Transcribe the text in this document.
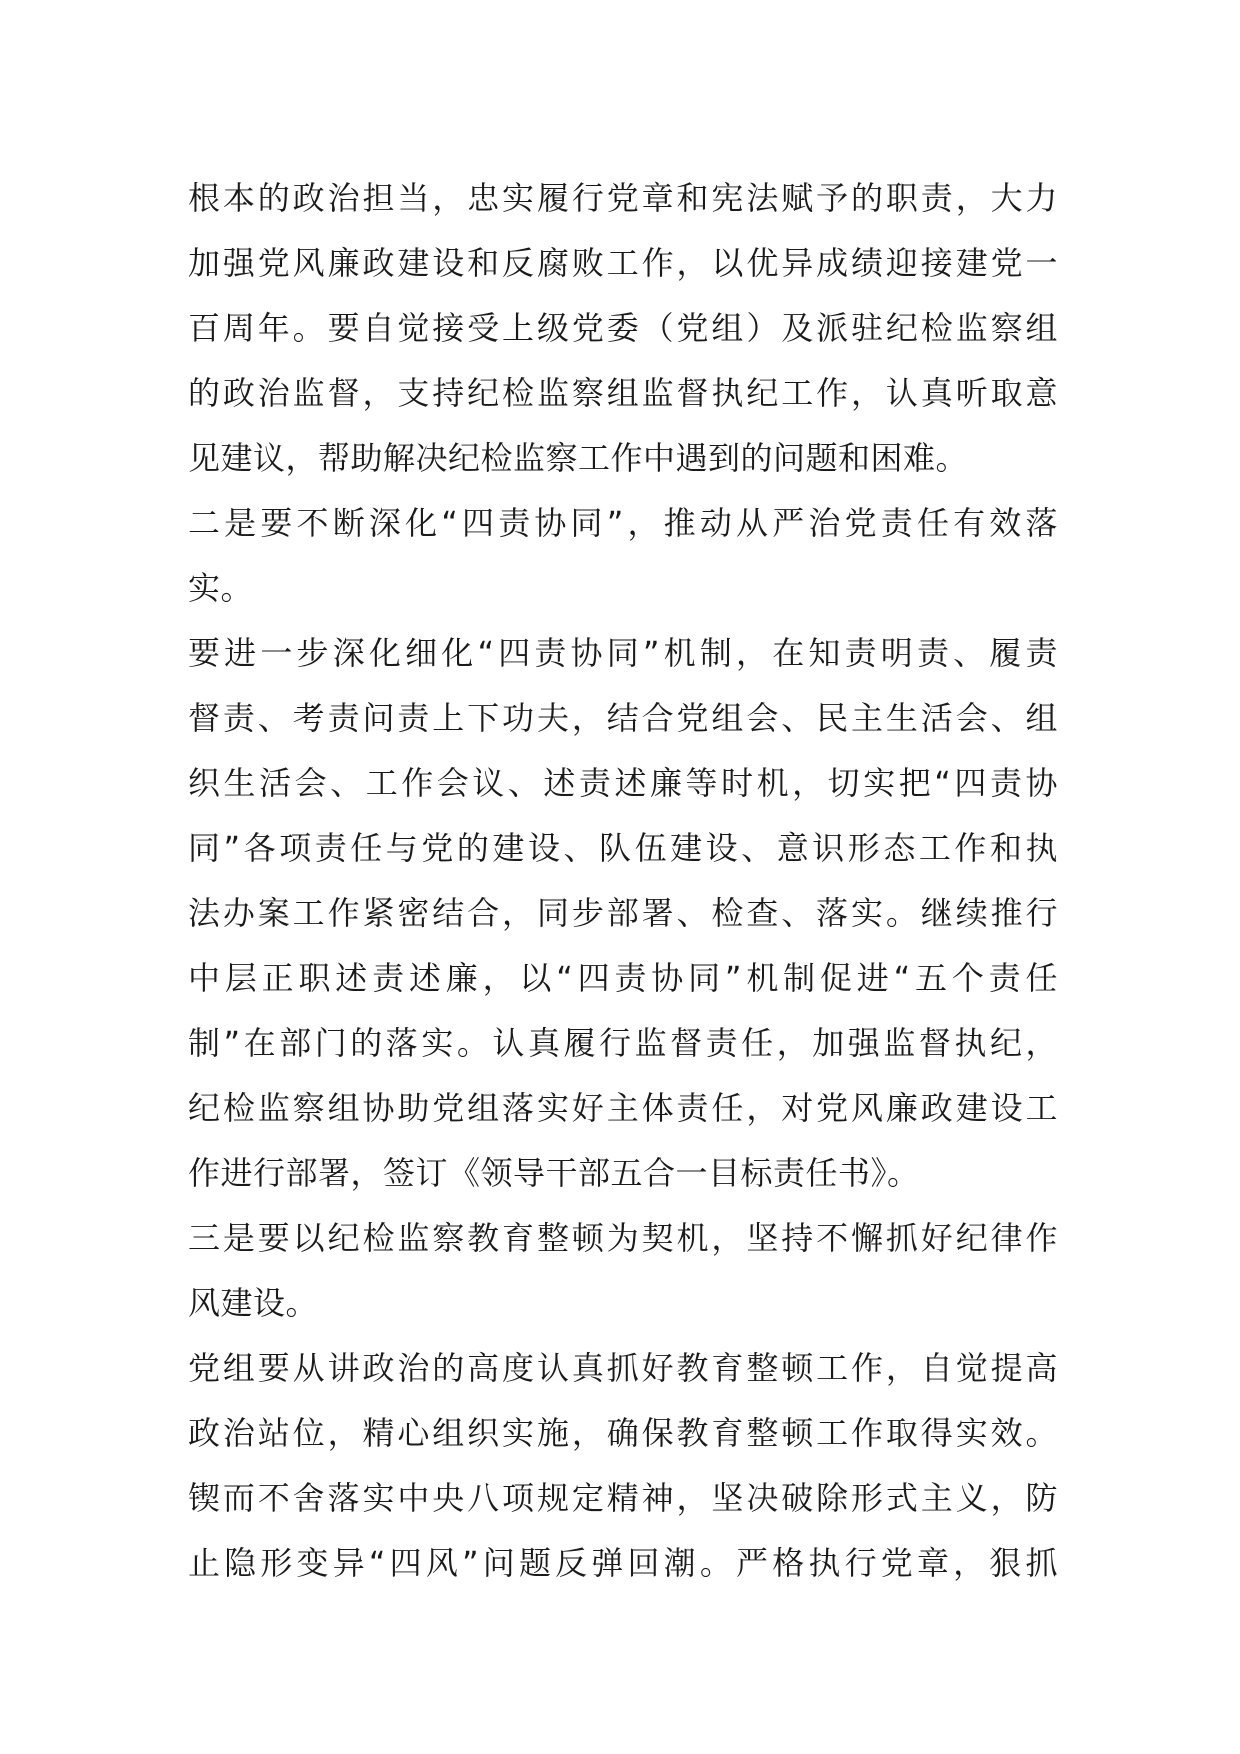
根本的政治担当，忠实履行党章和宪法赋予的职责，大力
加强党风廉政建设和反腐败工作，以优异成绩迎接建党一
百周年。要自觉接受上级党委（党组）及派驻纪检监察组
的政治监督，支持纪检监察组监督执纪工作，认真听取意
见建议，帮助解决纪检监察工作中遇到的问题和困难。
二是要不断深化“四责协同”，推动从严治党责任有效落
实。
要进一步深化细化“四责协同”机制，在知责明责、履责
督责、考责问责上下功夫，结合党组会、民主生活会、组
织生活会、工作会议、述责述廉等时机，切实把“四责协
同”各项责任与党的建设、队伍建设、意识形态工作和执
法办案工作紧密结合，同步部署、检查、落实。继续推行
中层正职述责述廉，以“四责协同”机制促进“五个责任
制”在部门的落实。认真履行监督责任，加强监督执纪，
纪检监察组协助党组落实好主体责任，对党风廉政建设工
作进行部署，签订《领导干部五合一目标责任书》。
三是要以纪检监察教育整顿为契机，坚持不懈抓好纪律作
风建设。
党组要从讲政治的高度认真抓好教育整顿工作，自觉提高
政治站位，精心组织实施，确保教育整顿工作取得实效。
锲而不舍落实中央八项规定精神，坚决破除形式主义，防
止隐形变异“四风”问题反弹回潮。严格执行党章，狠抓
